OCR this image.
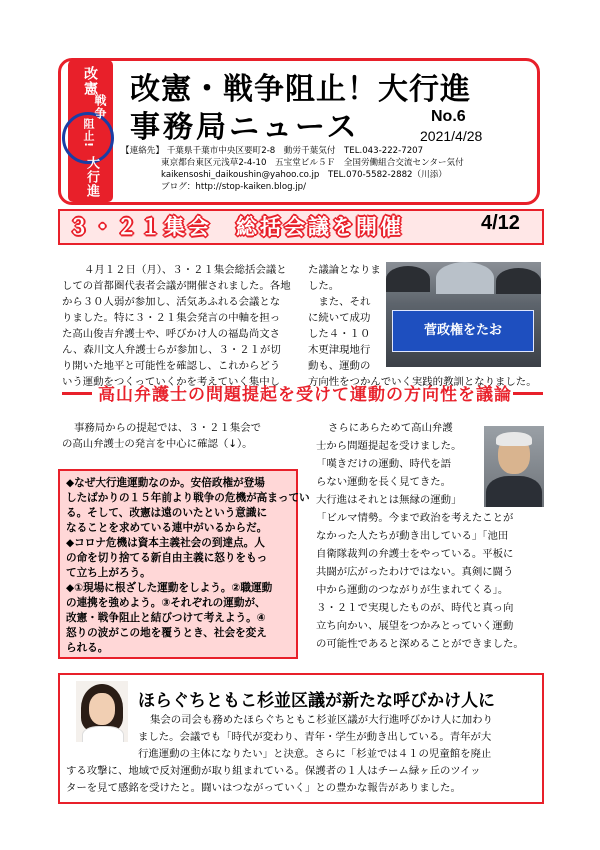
改憲
戦争
阻止!
大行進
改憲・戦争阻止！大行進
事務局ニュース	No.6
2021/4/28
【連絡先】 千葉県千葉市中央区要町2-8　動労千葉気付　TEL.043-222-7207
東京都台東区元浅草2-4-10　五宝堂ビル５Ｆ　全国労働組合交流センター気付
kaikensoshi_daikoushin@yahoo.co.jp　TEL.070-5582-2882（川添）
ブログ：http://stop-kaiken.blog.jp/
３・２１集会　総括会議を開催	4/12
４月１２日（月）、３・２１集会総括会議と
しての首都圏代表者会議が開催されました。各地
から３０人弱が参加し、活気あふれる会議とな
りました。特に３・２１集会発言の中軸を担っ
た高山俊吉弁護士や、呼びかけ人の福島尚文さ
ん、森川文人弁護士らが参加し、３・２１が切
り開いた地平と可能性を確認し、これからどう
いう運動をつくっていくかを考えていく集中し
た議論となりま
した。
　また、それ
に続いて成功
した４・１０
木更津現地行
動も、運動の
方向性をつかんでいく実践的教訓となりました。
菅政権をたお
高山弁護士の問題提起を受けて運動の方向性を議論
事務局からの提起では、３・２１集会で
の高山弁護士の発言を中心に確認（↓）。
◆なぜ大行進運動なのか。安倍政権が登場
したばかりの１５年前より戦争の危機が高まってい
る。そして、改憲は遠のいたという意識に
なることを求めている連中がいるからだ。
◆コロナ危機は資本主義社会の到達点。人
の命を切り捨てる新自由主義に怒りをもっ
て立ち上がろう。
◆①現場に根ざした運動をしよう。②職運動
の連携を強めよう。③それぞれの運動が、
改憲・戦争阻止と結びつけて考えよう。④
怒りの波がこの地を覆うとき、社会を変え
られる。
さらにあらためて高山弁護
士から問題提起を受けました。
「嘆きだけの運動、時代を語
らない運動を長く見てきた。
大行進はそれとは無縁の運動」
「ビルマ情勢。今まで政治を考えたことが
なかった人たちが動き出している」「池田
自衛隊裁判の弁護士をやっている。平板に
共闘が広がったわけではない。真剣に闘う
中から運動のつながりが生まれてくる」。
３・２１で実現したものが、時代と真っ向
立ち向かい、展望をつかみとっていく運動
の可能性であると深めることができました。
ほらぐちともこ杉並区議が新たな呼びかけ人に
集会の司会も務めたほらぐちともこ杉並区議が大行進呼びかけ人に加わり
ました。会議でも「時代が変わり、青年・学生が動き出している。青年が大
行進運動の主体になりたい」と決意。さらに「杉並では４１の児童館を廃止
する攻撃に、地域で反対運動が取り組まれている。保護者の１人はチーム緑ヶ丘のツイッ
ターを見て感銘を受けたと。闘いはつながっていく」との豊かな報告がありました。
